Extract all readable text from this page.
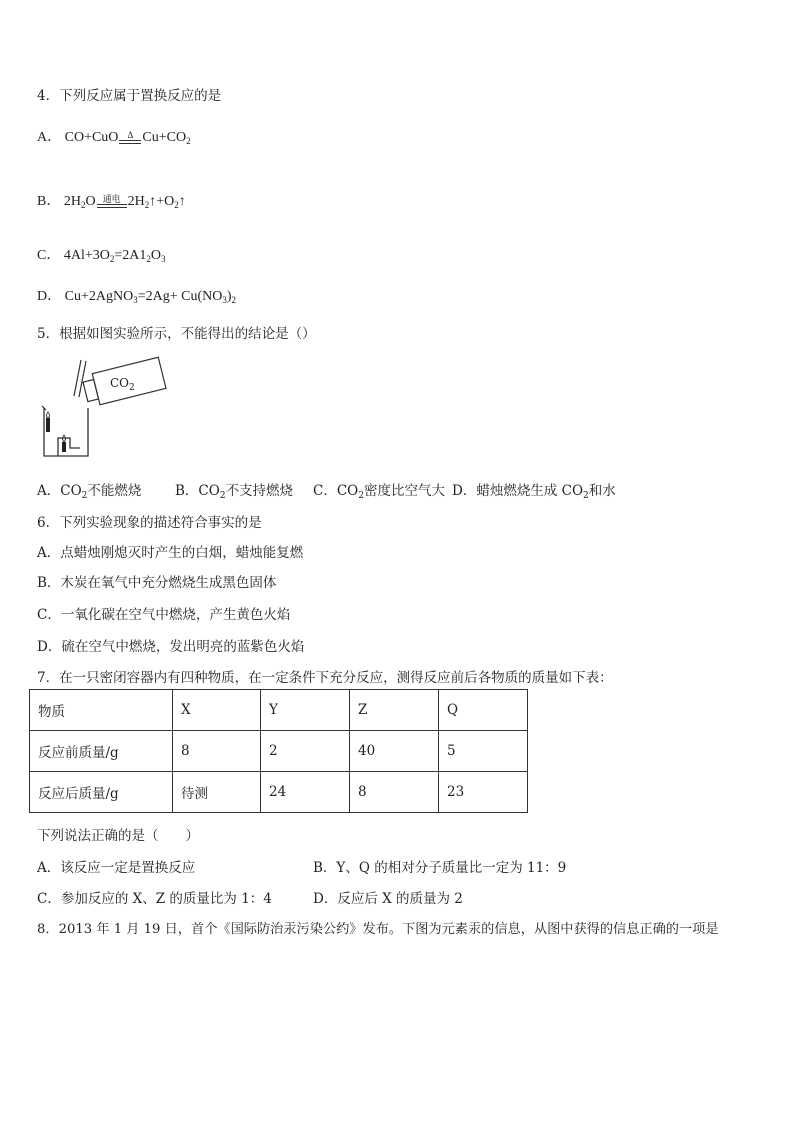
4．下列反应属于置换反应的是
A． CO+CuO	Δ $Cu+CO_2$
B． $2H_2O$ 通电 $2H_2↑+O_2↑$
C． $4Al+3O_2=2A1_2O_3$
D． Cu+2AgNO$_3$=2Ag+ $Cu(NO_3)_2$
5．根据如图实验所示，不能得出的结论是（）
$CO_2$
A．$CO_2$不能燃烧 B．$CO_2$不支持燃烧 C．$CO_2$密度比空气大 D．蜡烛燃烧生成 $CO_2$和水
6．下列实验现象的描述符合事实的是
A．点蜡烛刚熄灭时产生的白烟，蜡烛能复燃
B．木炭在氧气中充分燃烧生成黑色固体
C．一氧化碳在空气中燃烧，产生黄色火焰
D．硫在空气中燃烧，发出明亮的蓝紫色火焰
7．在一只密闭容器内有四种物质，在一定条件下充分反应，测得反应前后各物质的质量如下表：
物质	X	Y	Z	Q
反应前质量/g	8	2	40	5
反应后质量/g	待测	24	8	23
下列说法正确的是（　　）
A．该反应一定是置换反应	B．Y、Q 的相对分子质量比一定为 11：9
C．参加反应的 X、Z 的质量比为 1：4	D．反应后 X 的质量为 2
8．2013 年 1 月 19 日，首个《国际防治汞污染公约》发布。下图为元素汞的信息，从图中获得的信息正确的一项是
